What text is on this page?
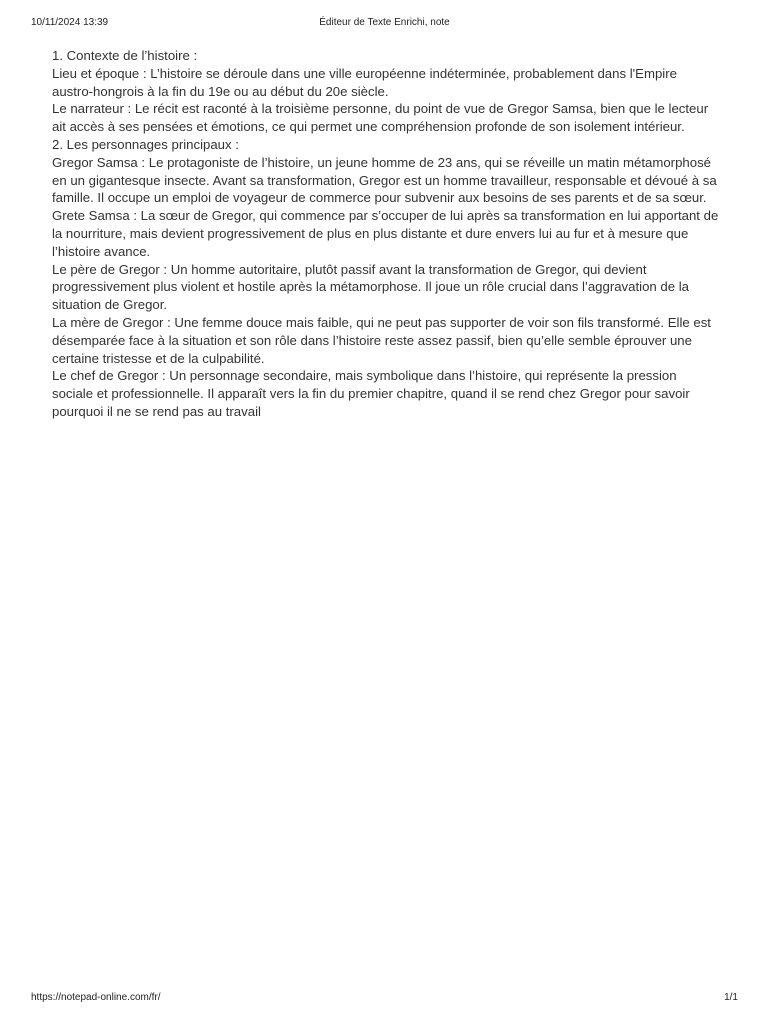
10/11/2024 13:39	Éditeur de Texte Enrichi, note

1. Contexte de l’histoire :

Lieu et époque : L’histoire se déroule dans une ville européenne indéterminée, probablement dans l'Empire austro-hongrois à la fin du 19e ou au début du 20e siècle.

Le narrateur : Le récit est raconté à la troisième personne, du point de vue de Gregor Samsa, bien que le lecteur ait accès à ses pensées et émotions, ce qui permet une compréhension profonde de son isolement intérieur.

2. Les personnages principaux :

Gregor Samsa : Le protagoniste de l’histoire, un jeune homme de 23 ans, qui se réveille un matin métamorphosé en un gigantesque insecte. Avant sa transformation, Gregor est un homme travailleur, responsable et dévoué à sa famille. Il occupe un emploi de voyageur de commerce pour subvenir aux besoins de ses parents et de sa sœur.

Grete Samsa : La sœur de Gregor, qui commence par s’occuper de lui après sa transformation en lui apportant de la nourriture, mais devient progressivement de plus en plus distante et dure envers lui au fur et à mesure que l’histoire avance.

Le père de Gregor : Un homme autoritaire, plutôt passif avant la transformation de Gregor, qui devient progressivement plus violent et hostile après la métamorphose. Il joue un rôle crucial dans l’aggravation de la situation de Gregor.

La mère de Gregor : Une femme douce mais faible, qui ne peut pas supporter de voir son fils transformé. Elle est désemparée face à la situation et son rôle dans l’histoire reste assez passif, bien qu’elle semble éprouver une certaine tristesse et de la culpabilité.

Le chef de Gregor : Un personnage secondaire, mais symbolique dans l’histoire, qui représente la pression sociale et professionnelle. Il apparaît vers la fin du premier chapitre, quand il se rend chez Gregor pour savoir pourquoi il ne se rend pas au travail

https://notepad-online.com/fr/	1/1
